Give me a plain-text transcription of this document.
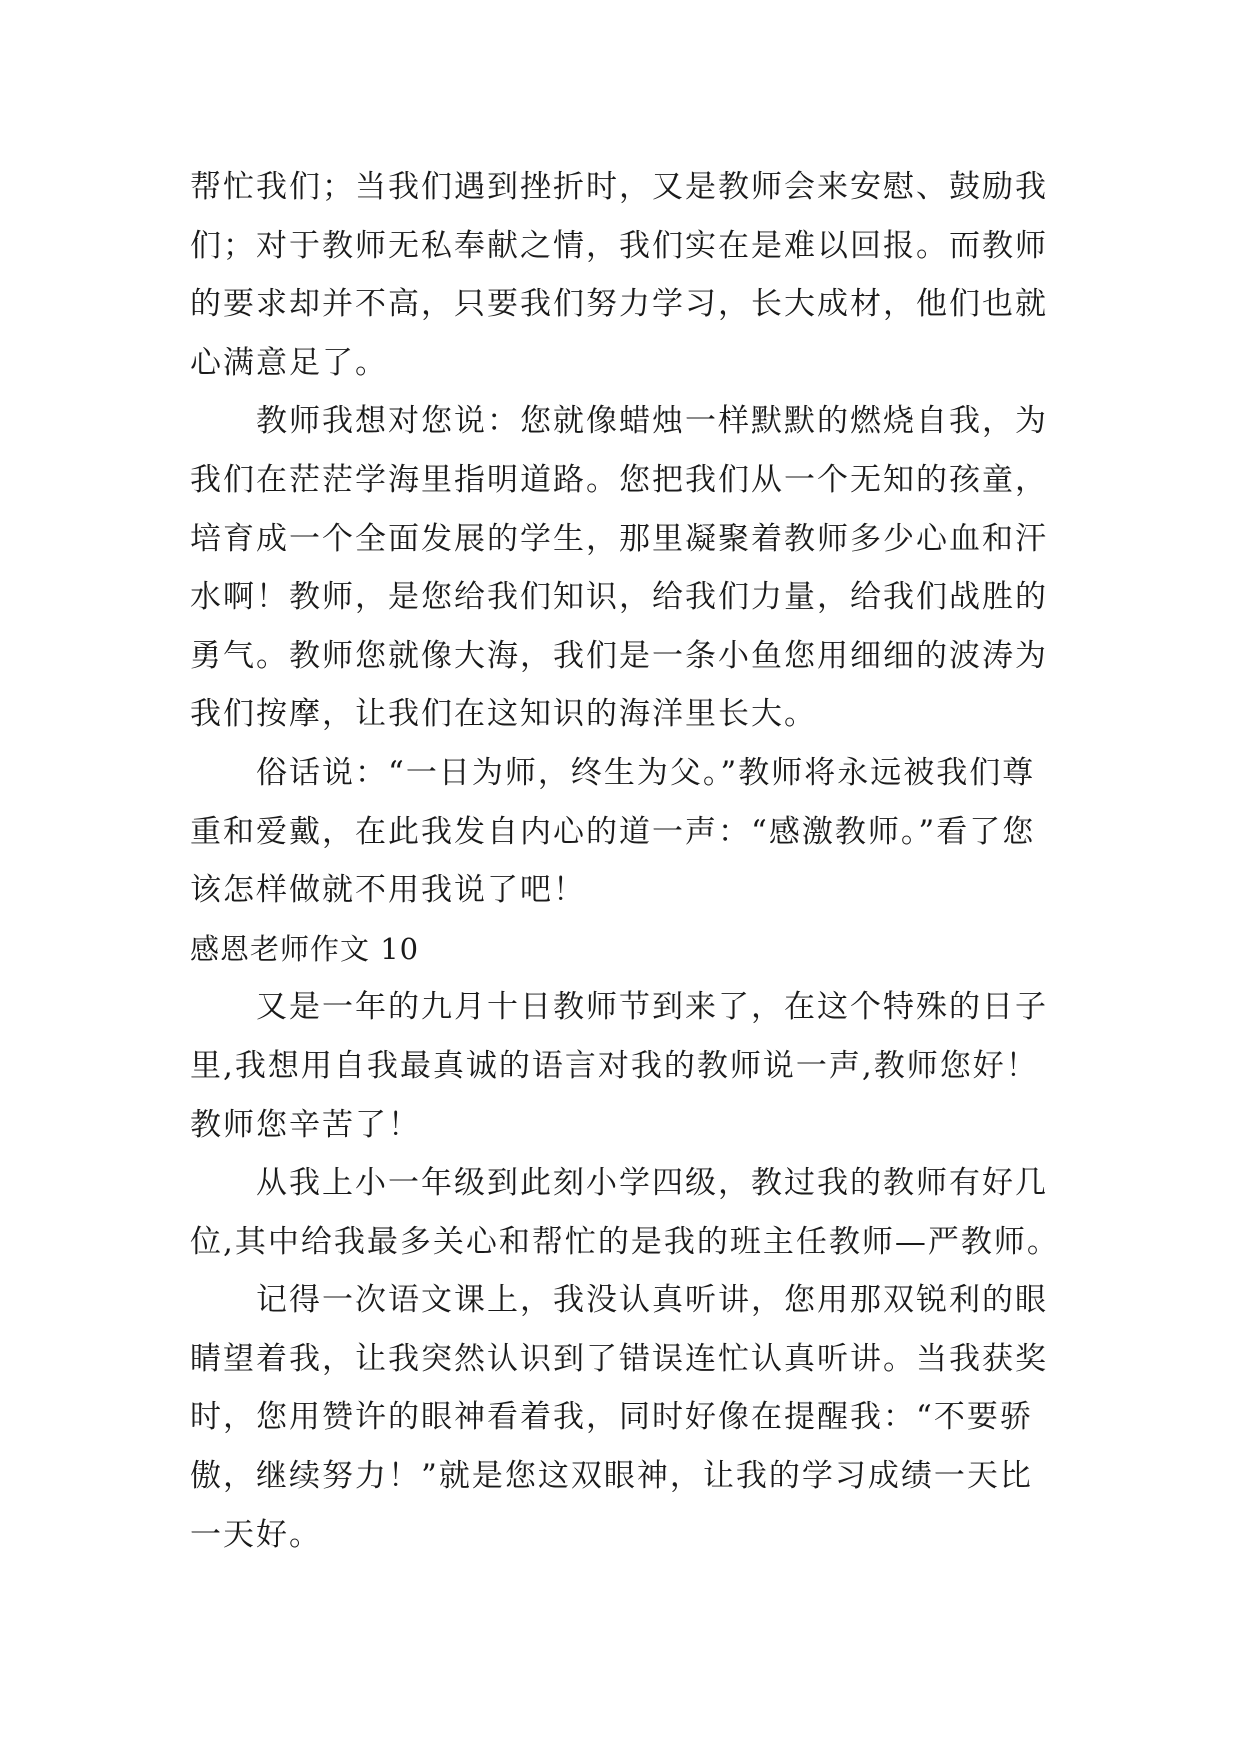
帮忙我们；当我们遇到挫折时，又是教师会来安慰、鼓励我
们；对于教师无私奉献之情，我们实在是难以回报。而教师
的要求却并不高，只要我们努力学习，长大成材，他们也就
心满意足了。
教师我想对您说：您就像蜡烛一样默默的燃烧自我，为
我们在茫茫学海里指明道路。您把我们从一个无知的孩童，
培育成一个全面发展的学生，那里凝聚着教师多少心血和汗
水啊！教师，是您给我们知识，给我们力量，给我们战胜的
勇气。教师您就像大海，我们是一条小鱼您用细细的波涛为
我们按摩，让我们在这知识的海洋里长大。
俗话说：“一日为师，终生为父。”教师将永远被我们尊
重和爱戴，在此我发自内心的道一声：“感激教师。”看了您
该怎样做就不用我说了吧！
感恩老师作文 10
又是一年的九月十日教师节到来了，在这个特殊的日子
里,我想用自我最真诚的语言对我的教师说一声,教师您好！
教师您辛苦了！
从我上小一年级到此刻小学四级，教过我的教师有好几
位,其中给我最多关心和帮忙的是我的班主任教师—严教师。
记得一次语文课上，我没认真听讲，您用那双锐利的眼
睛望着我，让我突然认识到了错误连忙认真听讲。当我获奖
时，您用赞许的眼神看着我，同时好像在提醒我：“不要骄
傲，继续努力！”就是您这双眼神，让我的学习成绩一天比
一天好。
